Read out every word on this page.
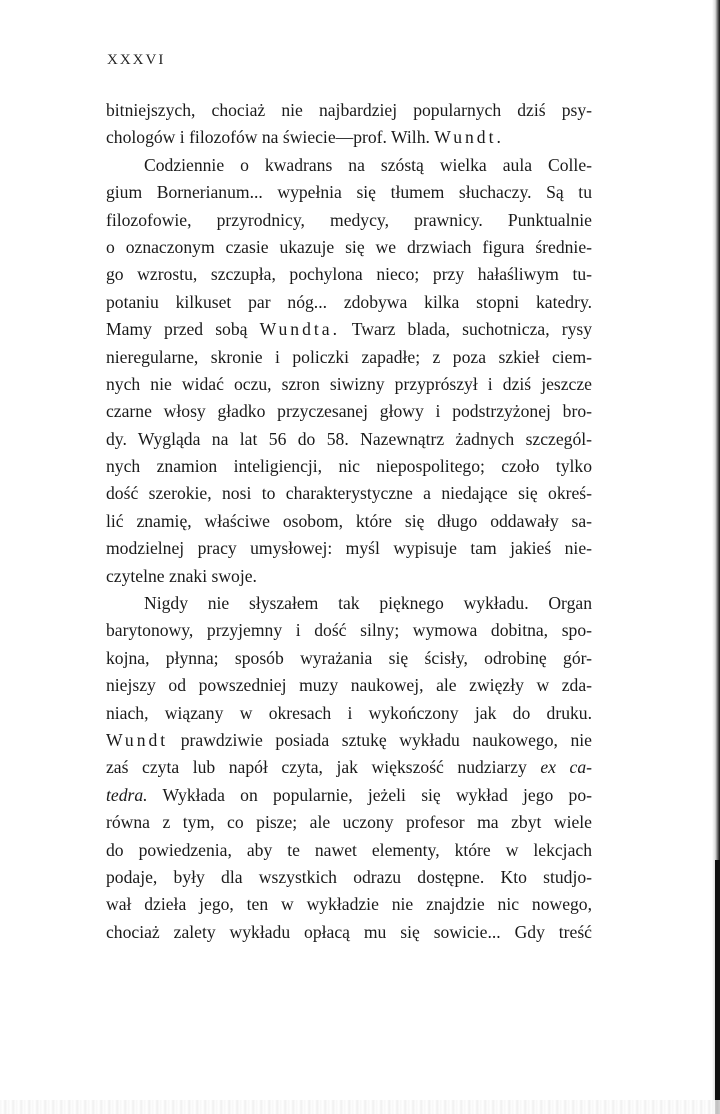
XXXVI
bitniejszych, chociaż nie najbardziej popularnych dziś psy-
chologów i filozofów na świecie—prof. Wilh. Wundt.
Codziennie o kwadrans na szóstą wielka aula Colle-
gium Bornerianum... wypełnia się tłumem słuchaczy. Są tu
filozofowie, przyrodnicy, medycy, prawnicy. Punktualnie
o oznaczonym czasie ukazuje się we drzwiach figura średnie-
go wzrostu, szczupła, pochylona nieco; przy hałaśliwym tu-
potaniu kilkuset par nóg... zdobywa kilka stopni katedry.
Mamy przed sobą Wundta. Twarz blada, suchotnicza, rysy
nieregularne, skronie i policzki zapadłe; z poza szkieł ciem-
nych nie widać oczu, szron siwizny przyprószył i dziś jeszcze
czarne włosy gładko przyczesanej głowy i podstrzyżonej bro-
dy. Wygląda na lat 56 do 58. Nazewnątrz żadnych szczegól-
nych znamion inteligiencji, nic niepospolitego; czoło tylko
dość szerokie, nosi to charakterystyczne a niedające się okreś-
lić znamię, właściwe osobom, które się długo oddawały sa-
modzielnej pracy umysłowej: myśl wypisuje tam jakieś nie-
czytelne znaki swoje.
Nigdy nie słyszałem tak pięknego wykładu. Organ
barytonowy, przyjemny i dość silny; wymowa dobitna, spo-
kojna, płynna; sposób wyrażania się ścisły, odrobinę gór-
niejszy od powszedniej muzy naukowej, ale zwięzły w zda-
niach, wiązany w okresach i wykończony jak do druku.
Wundt prawdziwie posiada sztukę wykładu naukowego, nie
zaś czyta lub napół czyta, jak większość nudziarzy ex ca-
tedra. Wykłada on popularnie, jeżeli się wykład jego po-
równa z tym, co pisze; ale uczony profesor ma zbyt wiele
do powiedzenia, aby te nawet elementy, które w lekcjach
podaje, były dla wszystkich odrazu dostępne. Kto studjo-
wał dzieła jego, ten w wykładzie nie znajdzie nic nowego,
chociaż zalety wykładu opłacą mu się sowicie... Gdy treść
